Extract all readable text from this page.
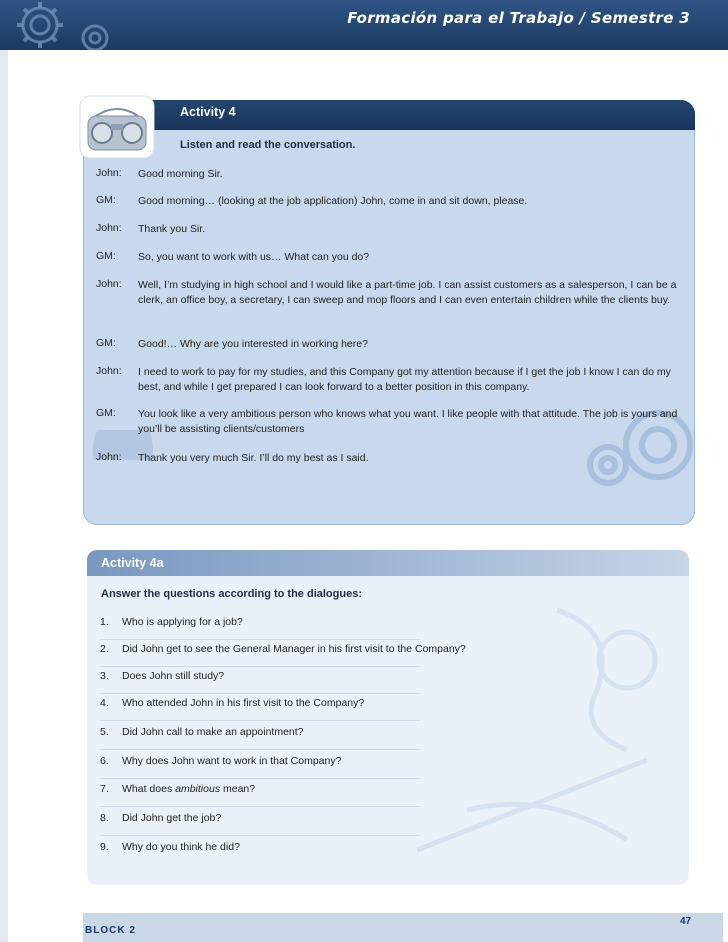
Formación para el Trabajo / Semestre 3
Activity 4
Listen and read the conversation.
John:	Good morning Sir.
GM:	Good morning… (looking at the job application) John, come in and sit down, please.
John:	Thank you Sir.
GM:	So, you want to work with us… What can you do?
John:	Well, I’m studying in high school and I would like a part-time job. I can assist customers as a salesperson, I can be a clerk, an office boy, a secretary, I can sweep and mop floors and I can even entertain children while the clients buy.
GM:	Good!… Why are you interested in working here?
John:	I need to work to pay for my studies, and this Company got my attention because if I get the job I know I can do my best, and while I get prepared I can look forward to a better position in this company.
GM:	You look like a very ambitious person who knows what you want. I like people with that attitude. The job is yours and you’ll be assisting clients/customers
John:	Thank you very much Sir. I’ll do my best as I said.
Activity 4a
Answer the questions according to the dialogues:
1.	Who is applying for a job?
2.	Did John get to see the General Manager in his first visit to the Company?
3.	Does John still study?
4.	Who attended John in his first visit to the Company?
5.	Did John call to make an appointment?
6.	Why does John want to work in that Company?
7.	What does ambitious mean?
8.	Did John get the job?
9.	Why do you think he did?
BLOCK 2
47
